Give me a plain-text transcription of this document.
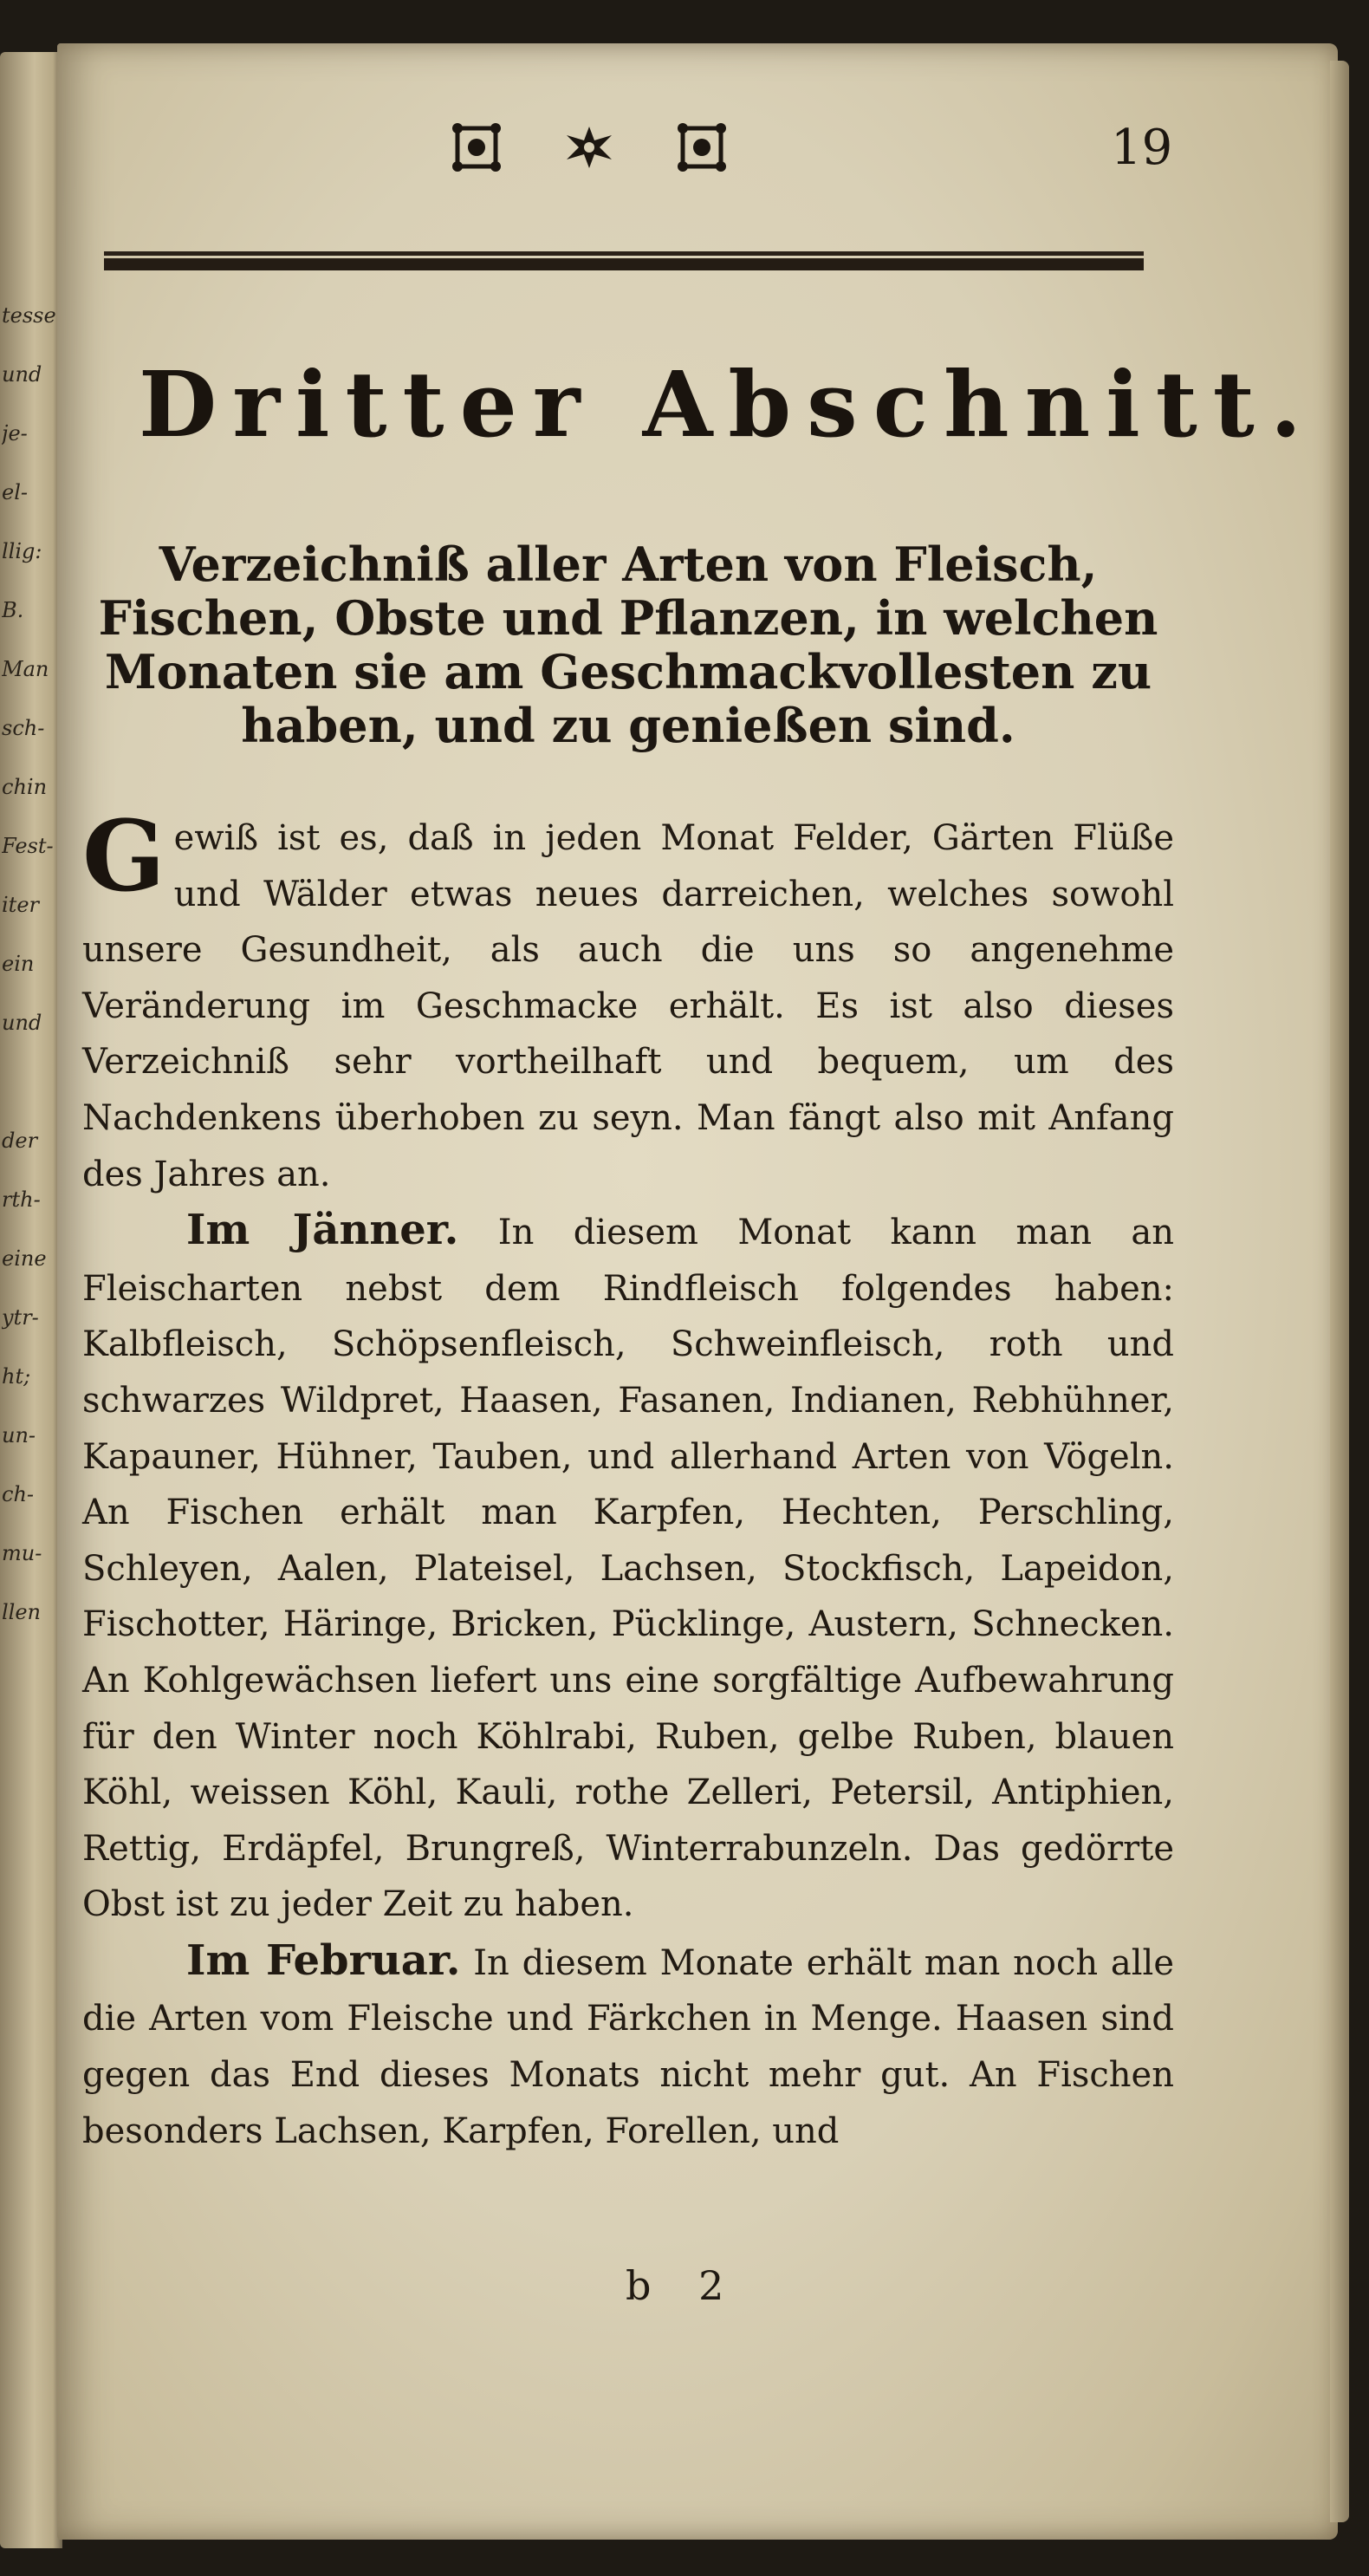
tesse
und
je-
el-
llig:
B.
Man
sch-
chin
Fest-
iter
ein
und

der
rth-
eine
ytr-
ht;
un-
ch-
mu-
llen
19
Dritter Abschnitt.
Verzeichniß aller Arten von Fleisch, Fischen, Obste und Pflanzen, in welchen Monaten sie am Geschmackvollesten zu haben, und zu genießen sind.

Gewiß ist es, daß in jeden Monat Felder, Gärten Flüße und Wälder etwas neues darreichen, welches sowohl unsere Gesundheit, als auch die uns so angenehme Veränderung im Geschmacke erhält. Es ist also dieses Verzeichniß sehr vortheilhaft und bequem, um des Nachdenkens überhoben zu seyn. Man fängt also mit Anfang des Jahres an.

Im Jänner. In diesem Monat kann man an Fleischarten nebst dem Rindfleisch folgendes haben: Kalbfleisch, Schöpsenfleisch, Schweinfleisch, roth und schwarzes Wildpret, Haasen, Fasanen, Indianen, Rebhühner, Kapauner, Hühner, Tauben, und allerhand Arten von Vögeln. An Fischen erhält man Karpfen, Hechten, Perschling, Schleyen, Aalen, Plateisel, Lachsen, Stockfisch, Lapeidon, Fischotter, Häringe, Bricken, Pücklinge, Austern, Schnecken. An Kohlgewächsen liefert uns eine sorgfältige Aufbewahrung für den Winter noch Köhlrabi, Ruben, gelbe Ruben, blauen Köhl, weissen Köhl, Kauli, rothe Zelleri, Petersil, Antiphien, Rettig, Erdäpfel, Brungreß, Winterrabunzeln. Das gedörrte Obst ist zu jeder Zeit zu haben.

Im Februar. In diesem Monate erhält man noch alle die Arten vom Fleische und Färkchen in Menge. Haasen sind gegen das End dieses Monats nicht mehr gut. An Fischen besonders Lachsen, Karpfen, Forellen, und

b 2
